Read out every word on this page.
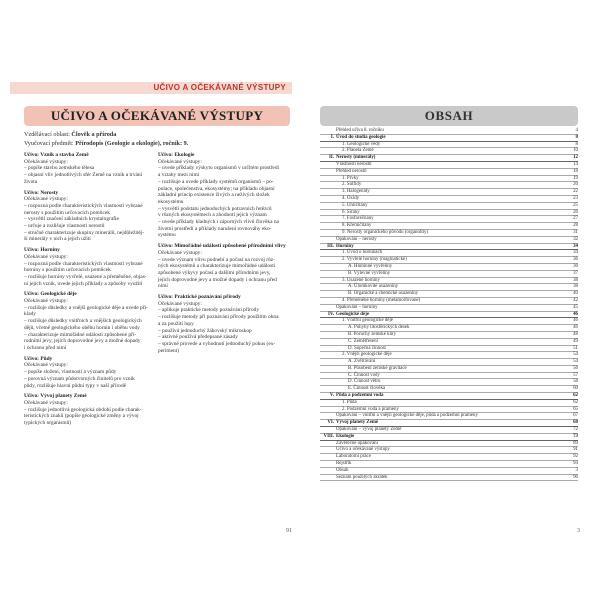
UČIVO A OČEKÁVANÉ VÝSTUPY
UČIVO A OČEKÁVANÉ VÝSTUPY
Vzdělávací oblast: Člověk a příroda
Vyučovací předmět: Přírodopis (Geologie a ekologie), ročník: 9.
Učivo: Vznik a stavba Země
Očekávané výstupy:
– popíše stavbu zemského tělesa
– objasní vliv jednotlivých sfér Země na vznik a trvání
života
Učivo: Nerosty
Očekávané výstupy:
– rozpozná podle charakteristických vlastností vybrané
nerosty s použitím určovacích pomůcek
– vysvětlí značení základních krystalografie
– určuje a rozlišuje vlastnosti nerostů
– stručně charakterizuje skupiny minerálů, nejdůležitěj-
ší minerály v nich a jejich užití
Učivo: Horniny
Očekávané výstupy:
– rozpozná podle charakteristických vlastností vybrané
horniny s použitím určovacích pomůcek
– rozlišuje horniny vyvřelé, usazené a přeměněné, objas-
ní jejich vznik, uvede jejich příklady a způsoby využití
Učivo: Geologické děje
Očekávané výstupy:
– rozlišuje důsledky a vnější geologické děje a uvede pří-
klady
– rozlišuje důsledky vnitřních a vnějších geologických
dějů, včetně geologického oběhu hornin i oběhu vody
– charakterizuje mimořádné události způsobené pří-
rodními jevy, jejich doprovodné jevy a možné dopady
i ochranu před nimi
Učivo: Půdy
Očekávané výstupy:
– popíše složení, vlastnosti a význam půdy
– porovná význam půdotvorných činitelů pro vznik
půdy, rozlišuje hlavní půdní typy v naší přírodě
Učivo: Vývoj planety Země
Očekávané výstupy:
– rozlišuje jednotlivá geologická období podle charak-
teristických znaků (popíše geologické změny a vývoj
typických organismů)
Učivo: Ekologie
Očekávané výstupy:
– uvede příklady výskytu organismů v určitém prostředí
a vztahy mezi nimi
– rozlišuje a uvede příklady systémů organismů – po-
pulace, společenstva, ekosystémy; na příkladu objasní
základní princip existence živých a neživých složek
ekosystému
– vysvětlí podstatu jednoduchých potravních řetězců
v různých ekosystémech a zhodnotí jejich význam
– uvede příklady kladných i záporných vlivů člověka na
životní prostředí a příklady narušení rovnováhy eko-
systému
Učivo: Mimořádné události způsobené přírodními vlivy
Očekávané výstupy:
– uvede význam vlivu podnebí a počasí na rozvoj růz-
ných ekosystémů a charakterizuje mimořádné události
způsobené výkyvy počasí a dalšími přírodními jevy,
jejich doprovodné jevy a možné dopady i ochranu před
nimi
Učivo: Praktické poznávání přírody
Očekávané výstupy:
– aplikuje praktické metody poznávání přírody
– rozlišuje metody při poznávání přírody použitím okna
a za použití lupy
– používá jednoduchý žákovský mikroskop
– aktivně používá předepsané zásady
– správně provede a vyhodnotí jednoduchý pokus (ex-
periment)
91
OBSAH
Přehled učiva 8. ročníku	4
I. Úvod do studia geologie	8
1. Geologické vědy	8
2. Planeta Země	10
II. Nerosty (minerály)	12
Vlastnosti nerostů	14
Přehled nerostů	18
1. Prvky	19
2. Sulfidy	20
3. Halogenidy	22
4. Oxidy	23
5. Uhličitany	25
6. Sírany	26
7. Fosforečnany	27
8. Křemičitany	28
9. Nerosty organického původu (organolity)	31
Opakování – nerosty	32
III. Horniny	34
1. Úvod o horninách	34
2. Vyvřelé horniny (magmatické)	36
A. Hlubinné vyvřeliny	36
B. Výlevné vyvřeliny	37
3. Usazené horniny	38
A. Úlomkovité usazeniny	38
B. Organické a chemické usazeniny	40
4. Přeměněné horniny (metamorfované)	42
Opakování – horniny	45
IV. Geologické děje	46
1. Vnitřní geologické děje	46
A. Pohyby litosférických desek	46
B. Poruchy zemské kůry	48
C. Zemětřesení	49
D. Sopečná činnost	51
2. Vnější geologické děje	54
A. Zvětrávání	54
B. Působení zemské gravitace	56
C. Činnost vody	57
D. Činnost větru	58
E. Činnost člověka	60
V. Půda a podzemní voda	62
1. Půda	62
2. Podzemní voda a prameny	65
Opakování – vnitřní a vnější geologické děje, půda a podzemní prameny	67
VI. Vývoj planety Země	68
Opakování – vývoj planety Země	72
VIII. Ekologie	73
Závěrečné opakování	89
Učivo a očekávané výstupy	91
Laboratorní práce	92
Rejstřík	94
Obsah	3
Seznam použitých zkratek	96
3
